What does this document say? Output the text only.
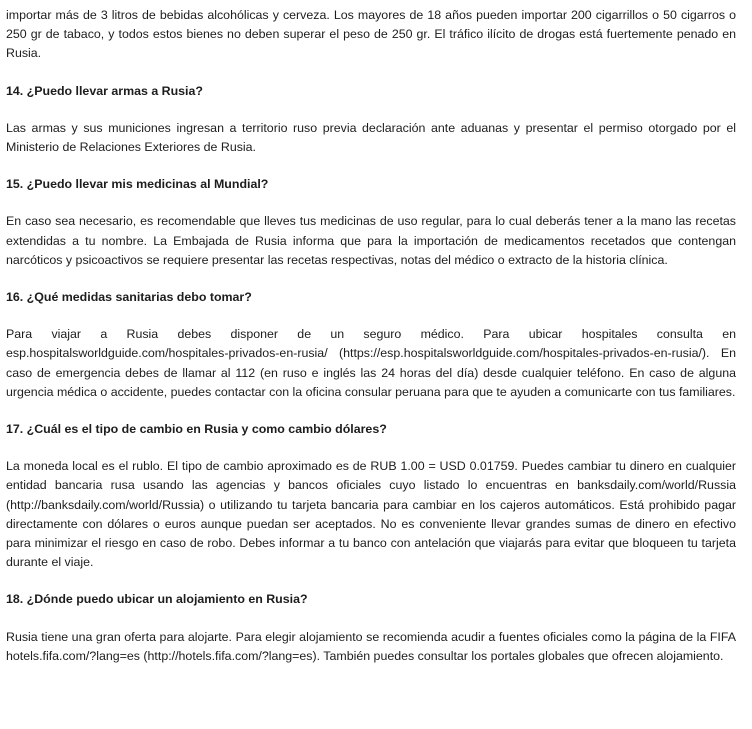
importar más de 3 litros de bebidas alcohólicas y cerveza. Los mayores de 18 años pueden importar 200 cigarrillos o 50 cigarros o 250 gr de tabaco, y todos estos bienes no deben superar el peso de 250 gr. El tráfico ilícito de drogas está fuertemente penado en Rusia.

14. ¿Puedo llevar armas a Rusia?

Las armas y sus municiones ingresan a territorio ruso previa declaración ante aduanas y presentar el permiso otorgado por el Ministerio de Relaciones Exteriores de Rusia.

15. ¿Puedo llevar mis medicinas al Mundial?

En caso sea necesario, es recomendable que lleves tus medicinas de uso regular, para lo cual deberás tener a la mano las recetas extendidas a tu nombre. La Embajada de Rusia informa que para la importación de medicamentos recetados que contengan narcóticos y psicoactivos se requiere presentar las recetas respectivas, notas del médico o extracto de la historia clínica.

16. ¿Qué medidas sanitarias debo tomar?

Para viajar a Rusia debes disponer de un seguro médico. Para ubicar hospitales consulta en esp.hospitalsworldguide.com/hospitales-privados-en-rusia/ (https://esp.hospitalsworldguide.com/hospitales-privados-en-rusia/). En caso de emergencia debes de llamar al 112 (en ruso e inglés las 24 horas del día) desde cualquier teléfono. En caso de alguna urgencia médica o accidente, puedes contactar con la oficina consular peruana para que te ayuden a comunicarte con tus familiares.

17. ¿Cuál es el tipo de cambio en Rusia y como cambio dólares?

La moneda local es el rublo. El tipo de cambio aproximado es de RUB 1.00 = USD 0.01759. Puedes cambiar tu dinero en cualquier entidad bancaria rusa usando las agencias y bancos oficiales cuyo listado lo encuentras en banksdaily.com/world/Russia (http://banksdaily.com/world/Russia) o utilizando tu tarjeta bancaria para cambiar en los cajeros automáticos. Está prohibido pagar directamente con dólares o euros aunque puedan ser aceptados. No es conveniente llevar grandes sumas de dinero en efectivo para minimizar el riesgo en caso de robo. Debes informar a tu banco con antelación que viajarás para evitar que bloqueen tu tarjeta durante el viaje.

18. ¿Dónde puedo ubicar un alojamiento en Rusia?

Rusia tiene una gran oferta para alojarte. Para elegir alojamiento se recomienda acudir a fuentes oficiales como la página de la FIFA hotels.fifa.com/?lang=es (http://hotels.fifa.com/?lang=es). También puedes consultar los portales globales que ofrecen alojamiento.
